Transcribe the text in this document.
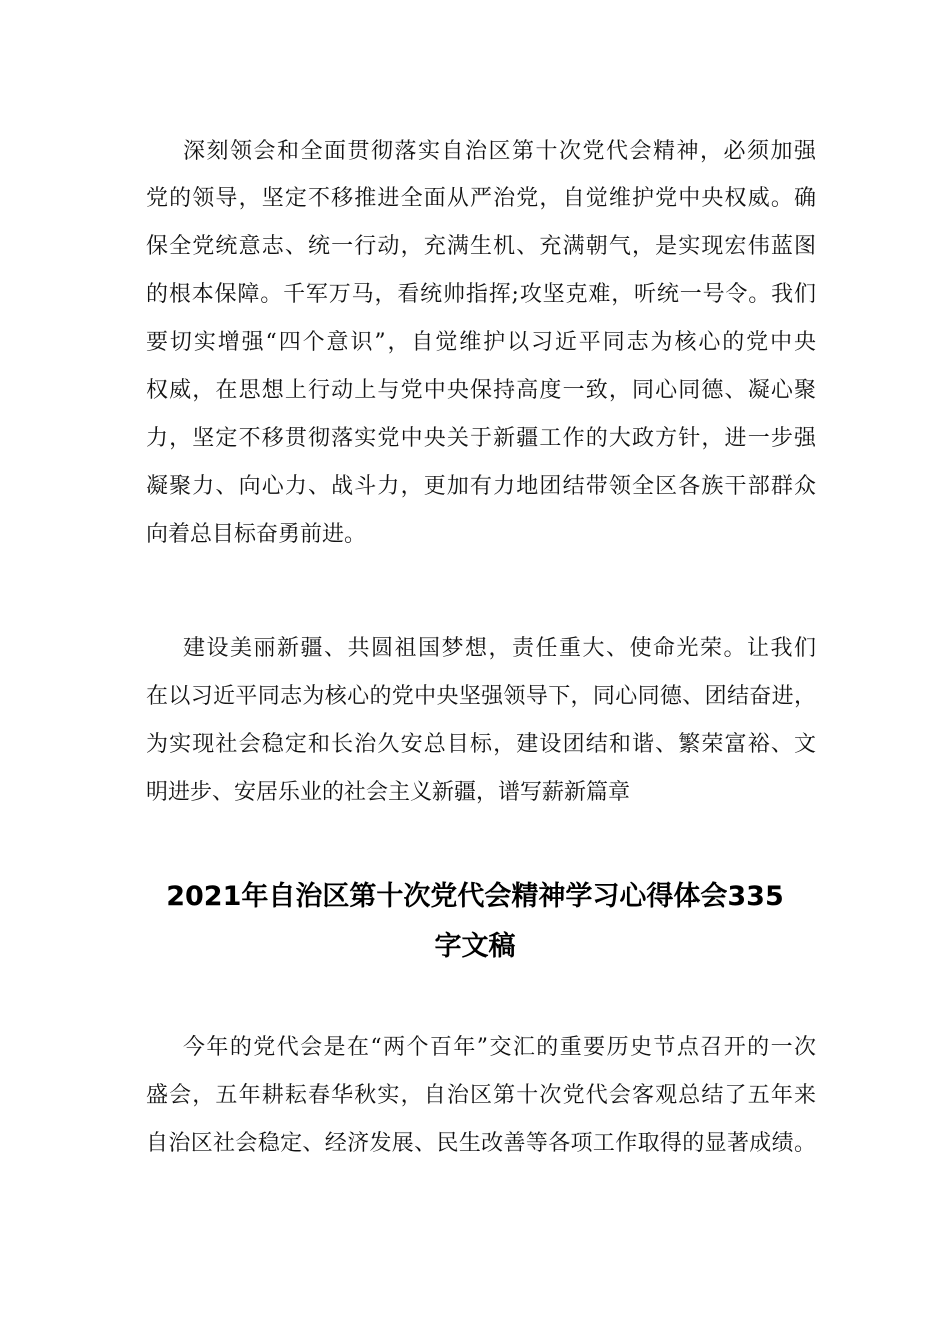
深刻领会和全面贯彻落实自治区第十次党代会精神，必须加强
党的领导，坚定不移推进全面从严治党，自觉维护党中央权威。确
保全党统意志、统一行动，充满生机、充满朝气，是实现宏伟蓝图
的根本保障。千军万马，看统帅指挥;攻坚克难，听统一号令。我们
要切实增强“四个意识”，自觉维护以习近平同志为核心的党中央
权威，在思想上行动上与党中央保持高度一致，同心同德、凝心聚
力，坚定不移贯彻落实党中央关于新疆工作的大政方针，进一步强
凝聚力、向心力、战斗力，更加有力地团结带领全区各族干部群众
向着总目标奋勇前进。
建设美丽新疆、共圆祖国梦想，责任重大、使命光荣。让我们
在以习近平同志为核心的党中央坚强领导下，同心同德、团结奋进，
为实现社会稳定和长治久安总目标，建设团结和谐、繁荣富裕、文
明进步、安居乐业的社会主义新疆，谱写薪新篇章
2021年自治区第十次党代会精神学习心得体会335
字文稿
今年的党代会是在“两个百年”交汇的重要历史节点召开的一次
盛会，五年耕耘春华秋实，自治区第十次党代会客观总结了五年来
自治区社会稳定、经济发展、民生改善等各项工作取得的显著成绩。
